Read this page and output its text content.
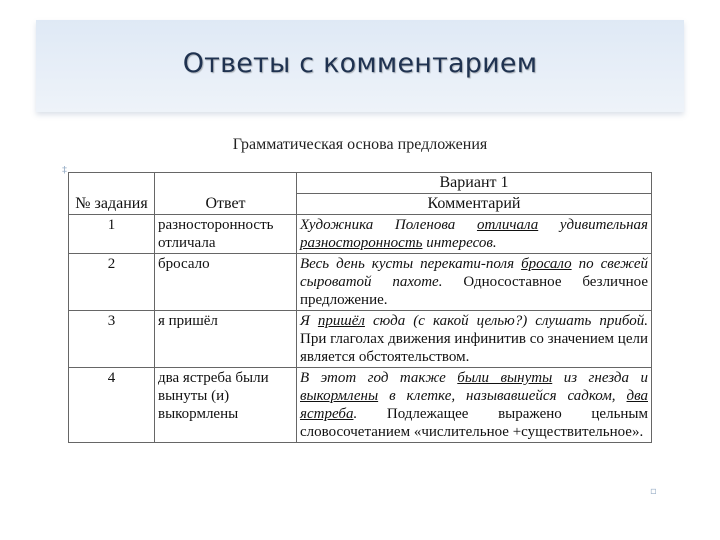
Ответы с комментарием
Грамматическая основа предложения
‡
▫
		Вариант 1
№ задания	Ответ	Комментарий
1	разносторонность отличала	Художника Поленова отличала удивительная разносторонность интересов.
2	бросало	Весь день кусты перекати-поля бросало по свежей сыроватой пахоте. Односоставное безличное предложение.
3	я пришёл	Я пришёл сюда (с какой целью?) слушать прибой. При глаголах движения инфинитив со значением цели является обстоятельством.
4	два ястреба были вынуты (и) выкормлены	В этот год также были вынуты из гнезда и выкормлены в клетке, называвшейся садком, два ястреба. Подлежащее выражено цельным словосочетанием «числительное +существительное».
